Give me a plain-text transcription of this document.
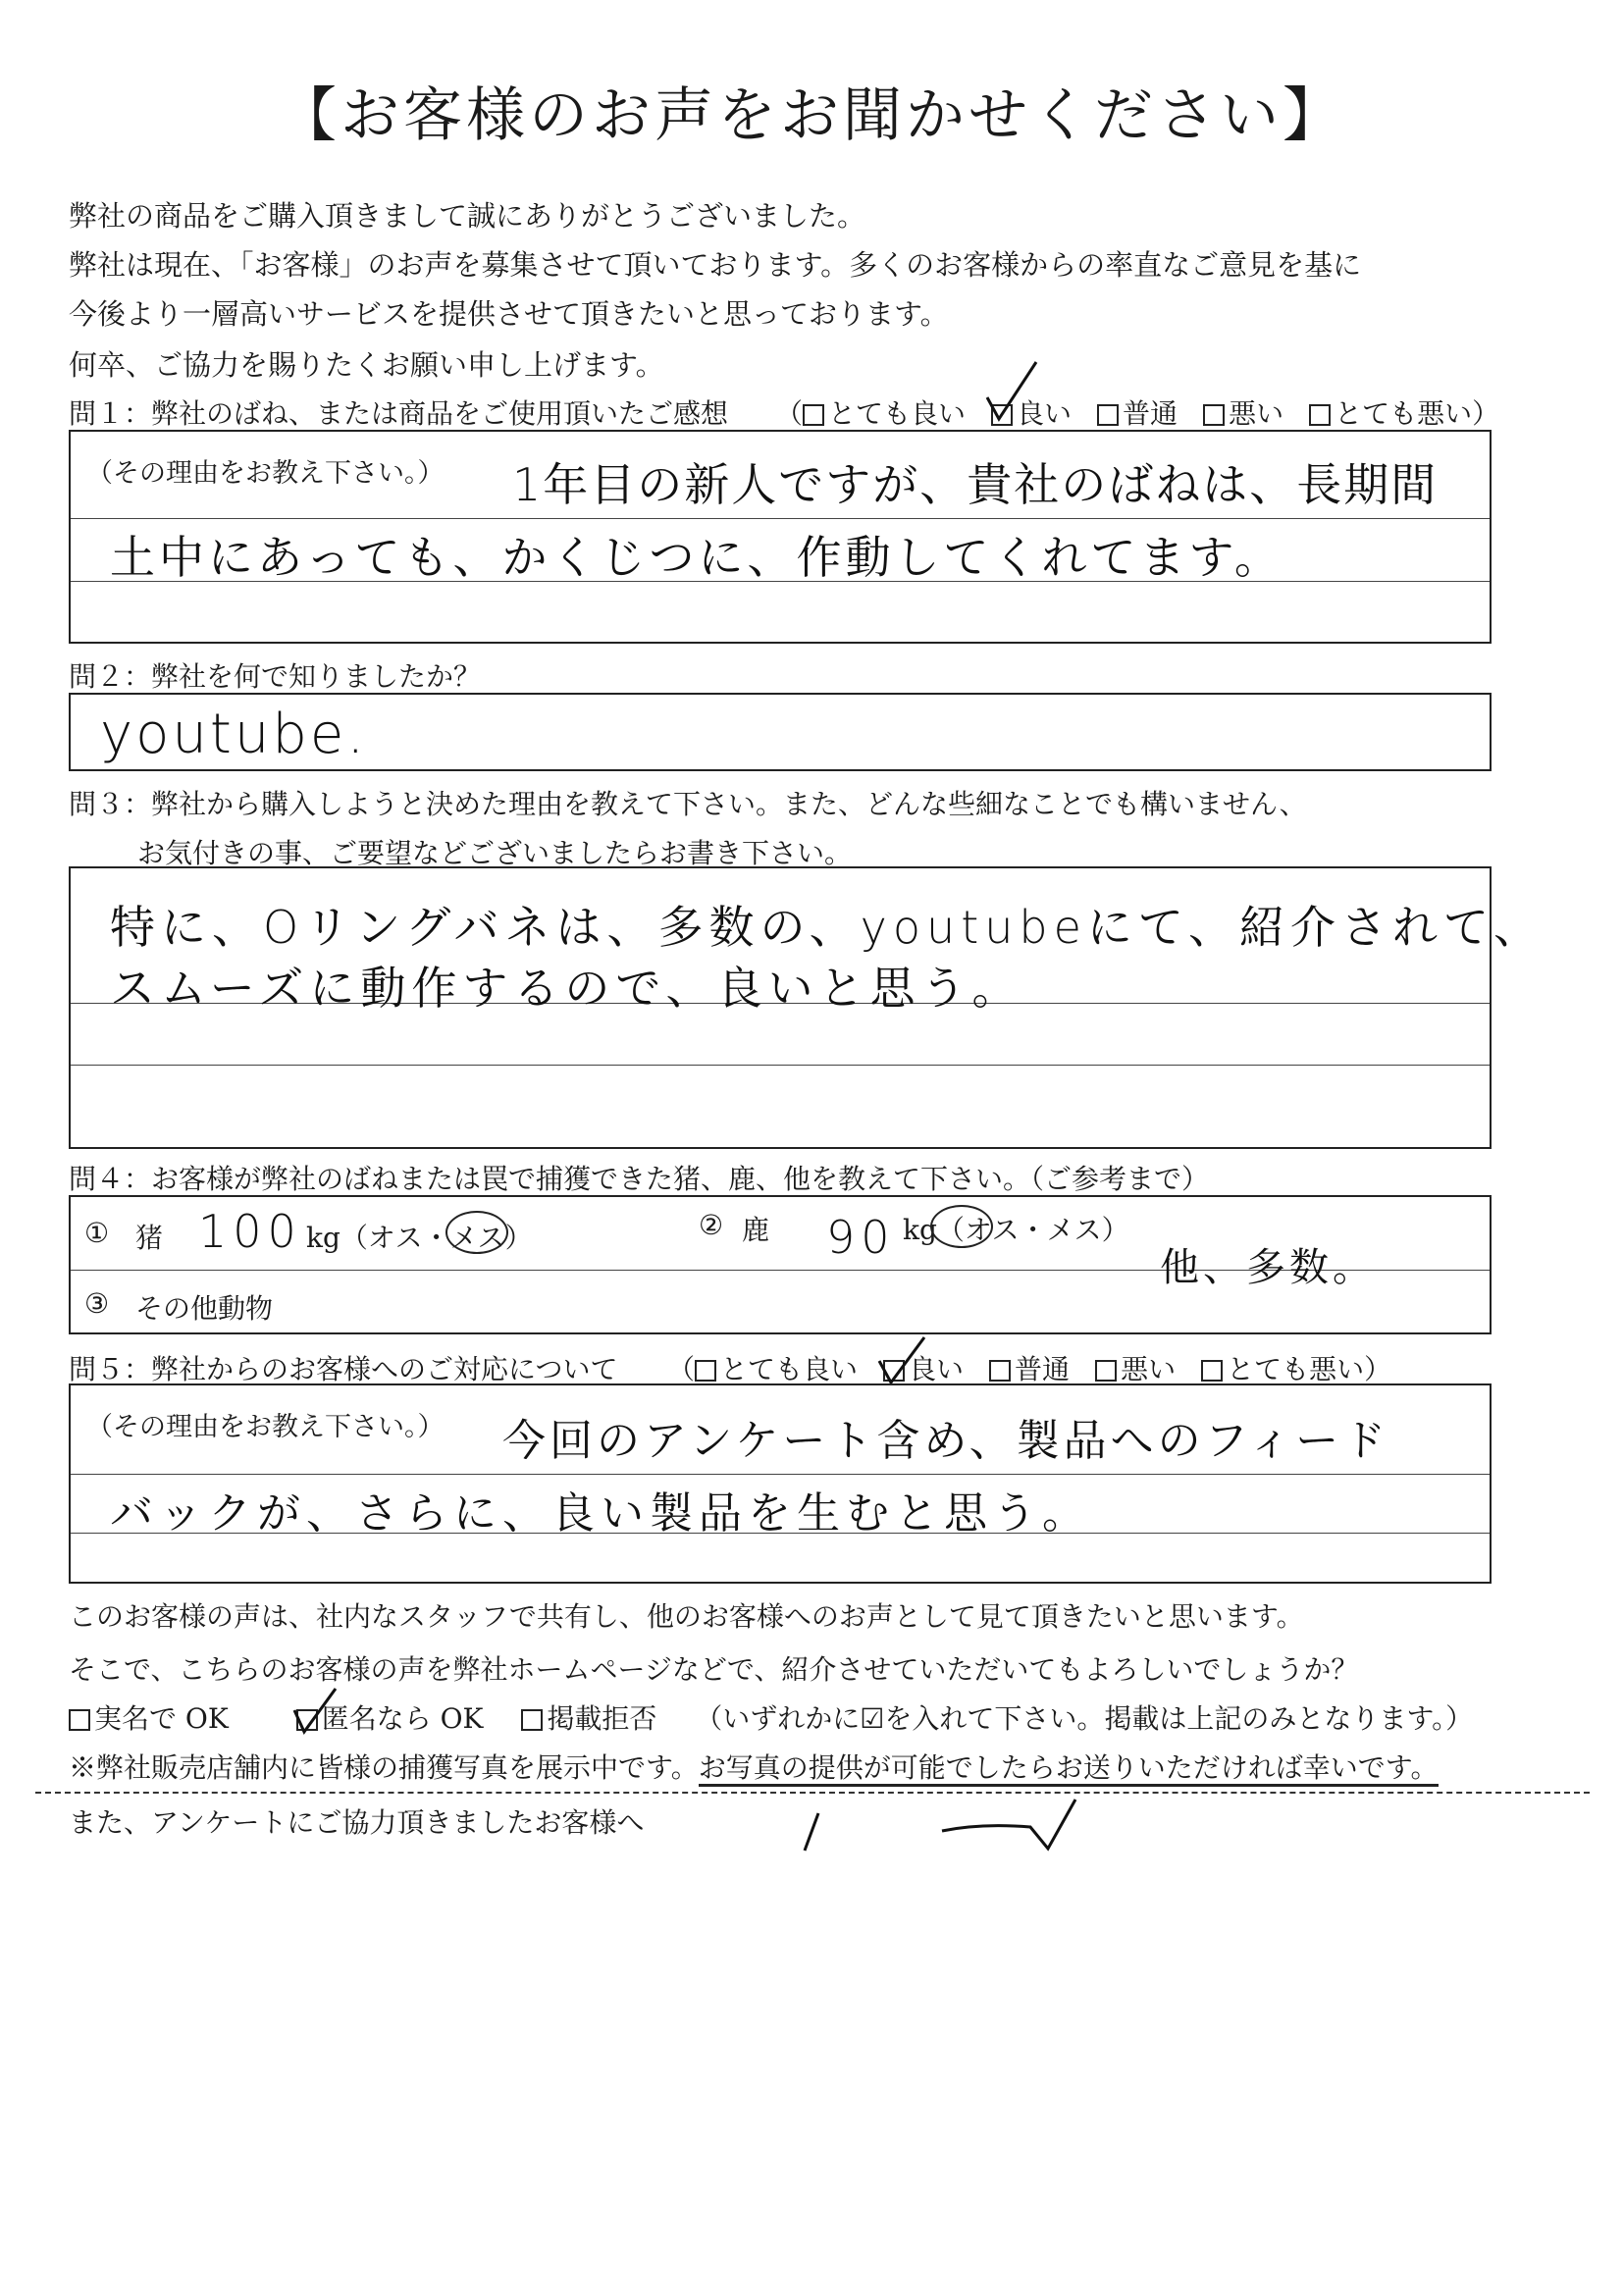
【お客様のお声をお聞かせください】
弊社の商品をご購入頂きまして誠にありがとうございました。
弊社は現在、「お客様」のお声を募集させて頂いております。多くのお客様からの率直なご意見を基に
今後より一層高いサービスを提供させて頂きたいと思っております。
何卒、ご協力を賜りたくお願い申し上げます。
問１：弊社のばね、または商品をご使用頂いたご感想 （ とても良い 良い 普通 悪い とても悪い）
（その理由をお教え下さい。） 1年目の新人ですが、貴社のばねは、長期間
土中にあっても、かくじつに、作動してくれてます。
問２：弊社を何で知りましたか？
youtube.
問３：弊社から購入しようと決めた理由を教えて下さい。また、どんな些細なことでも構いません、
お気付きの事、ご要望などございましたらお書き下さい。
特に、Oリングバネは、多数の、youtubeにて、紹介されて、
スムーズに動作するので、良いと思う。
問４：お客様が弊社のばねまたは罠で捕獲できた猪、鹿、他を教えて下さい。（ご参考まで）
① 猪 100 kg（オス・メス）	② 鹿 90 kg（オス・メス）
他、多数。
③ その他動物
問５：弊社からのお客様へのご対応について （ とても良い 良い 普通 悪い とても悪い）
（その理由をお教え下さい。） 今回のアンケート含め、製品へのフィード
バックが、さらに、良い製品を生むと思う。
このお客様の声は、社内なスタッフで共有し、他のお客様へのお声として見て頂きたいと思います。
そこで、こちらのお客様の声を弊社ホームページなどで、紹介させていただいてもよろしいでしょうか？
実名で OK	匿名なら OK 掲載拒否 （いずれかに☑を入れて下さい。掲載は上記のみとなります。）
※弊社販売店舗内に皆様の捕獲写真を展示中です。お写真の提供が可能でしたらお送りいただければ幸いです。
また、アンケートにご協力頂きましたお客様へ
